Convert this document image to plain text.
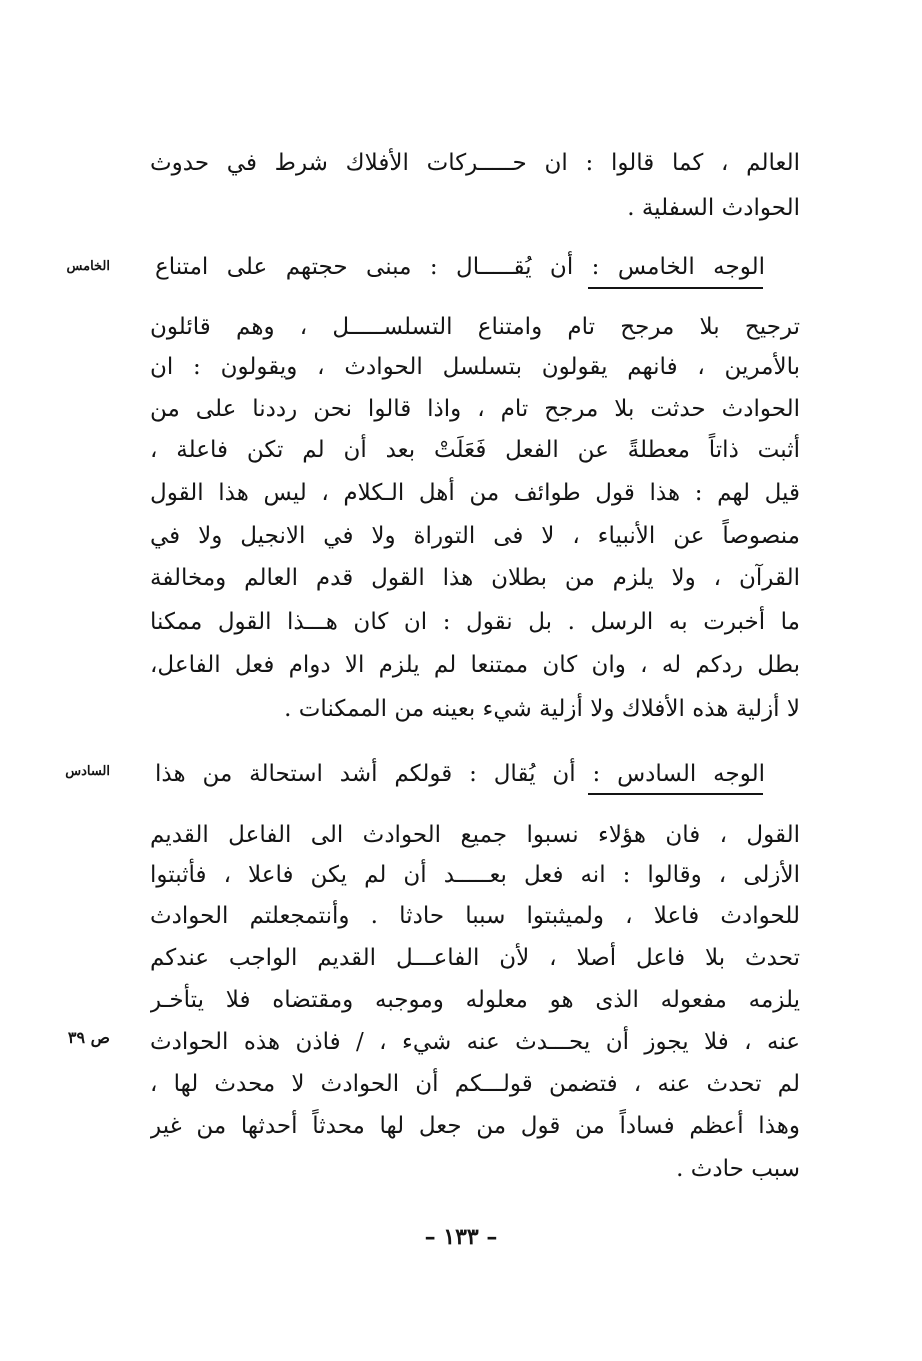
العالم ، كما قالوا : ان حـــــركات الأفلاك شرط في حدوث
الحوادث السفلية .
الخامس الوجه الخامس : أن يُقـــــال : مبنى حجتهم على امتناع
ترجيح بلا مرجح تام وامتناع التسلســـــل ، وهم قائلون
بالأمرين ، فانهم يقولون بتسلسل الحوادث ، ويقولون : ان
الحوادث حدثت بلا مرجح تام ، واذا قالوا نحن رددنا على من
أثبت ذاتاً معطلةً عن الفعل فَعَلَتْ بعد أن لم تكن فاعلة ،
قيل لهم : هذا قول طوائف من أهل الـكلام ، ليس هذا القول
منصوصاً عن الأنبياء ، لا فى التوراة ولا في الانجيل ولا في
القرآن ، ولا يلزم من بطلان هذا القول قدم العالم ومخالفة
ما أخبرت به الرسل . بل نقول : ان كان هـــذا القول ممكنا
بطل ردكم له ، وان كان ممتنعا لم يلزم الا دوام فعل الفاعل،
لا أزلية هذه الأفلاك ولا أزلية شيء بعينه من الممكنات .
السادس الوجه السادس : أن يُقال : قولكم أشد استحالة من هذا
القول ، فان هؤلاء نسبوا جميع الحوادث الى الفاعل القديم
الأزلى ، وقالوا : انه فعل بعـــــد أن لم يكن فاعلا ، فأثبتوا
للحوادث فاعلا ، ولميثبتوا سببا حادثا . وأنتمجعلتم الحوادث
تحدث بلا فاعل أصلا ، لأن الفاعـــل القديم الواجب عندكم
يلزمه مفعوله الذى هو معلوله وموجبه ومقتضاه فلا يتأخـر
ص ٣٩ عنه ، فلا يجوز أن يحـــدث عنه شيء ، / فاذن هذه الحوادث
لم تحدث عنه ، فتضمن قولـــكم أن الحوادث لا محدث لها ،
وهذا أعظم فساداً من قول من جعل لها محدثاً أحدثها من غير
سبب حادث .
– ١٣٣ –
